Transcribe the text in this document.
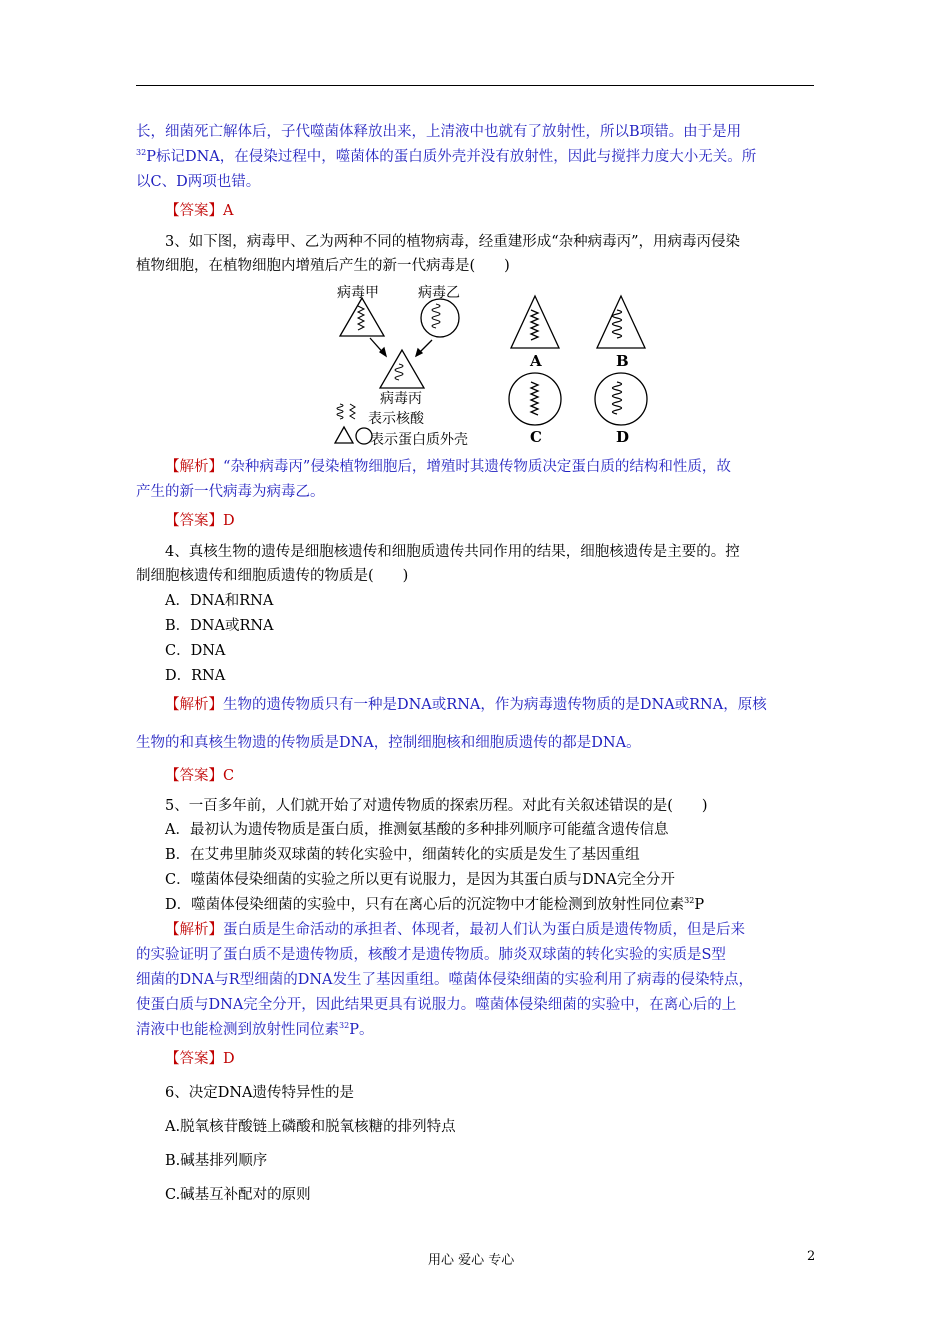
长，细菌死亡解体后，子代噬菌体释放出来，上清液中也就有了放射性，所以B项错。由于是用
$^{32}$P标记DNA，在侵染过程中，噬菌体的蛋白质外壳并没有放射性，因此与搅拌力度大小无关。所
以C、D两项也错。
【答案】A
3、如下图，病毒甲、乙为两种不同的植物病毒，经重建形成“杂种病毒丙”，用病毒丙侵染
植物细胞，在植物细胞内增殖后产生的新一代病毒是(　　)
病毒甲	病毒乙
病毒丙
表示核酸
表示蛋白质外壳
A	B
C	D
【解析】“杂种病毒丙”侵染植物细胞后，增殖时其遗传物质决定蛋白质的结构和性质，故
产生的新一代病毒为病毒乙。
【答案】D
4、真核生物的遗传是细胞核遗传和细胞质遗传共同作用的结果，细胞核遗传是主要的。控
制细胞核遗传和细胞质遗传的物质是(　　)
A．DNA和RNA
B．DNA或RNA
C．DNA
D．RNA
【解析】生物的遗传物质只有一种是DNA或RNA，作为病毒遗传物质的是DNA或RNA，原核
生物的和真核生物遗的传物质是DNA，控制细胞核和细胞质遗传的都是DNA。
【答案】C
5、一百多年前，人们就开始了对遗传物质的探索历程。对此有关叙述错误的是(　　)
A．最初认为遗传物质是蛋白质，推测氨基酸的多种排列顺序可能蕴含遗传信息
B．在艾弗里肺炎双球菌的转化实验中，细菌转化的实质是发生了基因重组
C．噬菌体侵染细菌的实验之所以更有说服力，是因为其蛋白质与DNA完全分开
D．噬菌体侵染细菌的实验中，只有在离心后的沉淀物中才能检测到放射性同位素$^{32}$P
【解析】蛋白质是生命活动的承担者、体现者，最初人们认为蛋白质是遗传物质，但是后来
的实验证明了蛋白质不是遗传物质，核酸才是遗传物质。肺炎双球菌的转化实验的实质是S型
细菌的DNA与R型细菌的DNA发生了基因重组。噬菌体侵染细菌的实验利用了病毒的侵染特点，
使蛋白质与DNA完全分开，因此结果更具有说服力。噬菌体侵染细菌的实验中，在离心后的上
清液中也能检测到放射性同位素$^{32}$P。
【答案】D
6、决定DNA遗传特异性的是
A.脱氧核苷酸链上磷酸和脱氧核糖的排列特点
B.碱基排列顺序
C.碱基互补配对的原则
用心 爱心 专心	2
